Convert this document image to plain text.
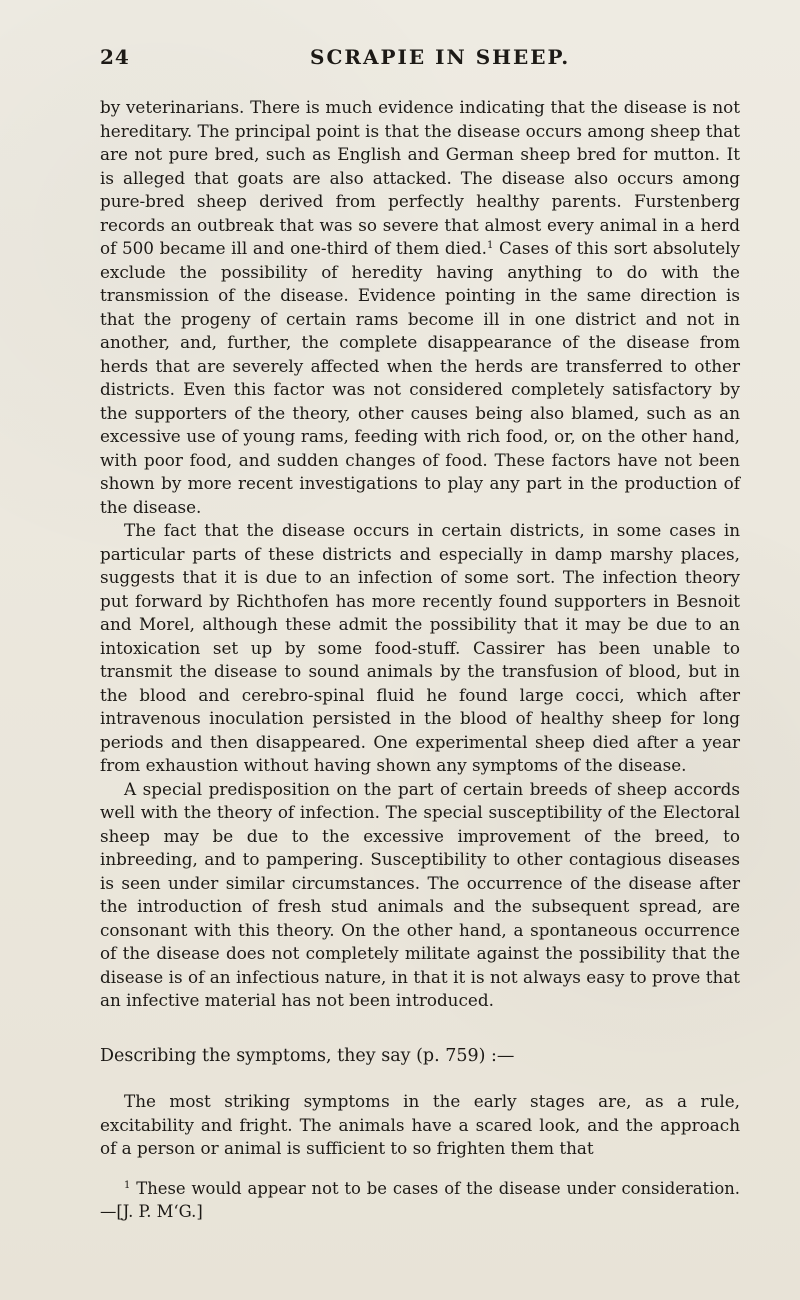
24	SCRAPIE IN SHEEP.

by veterinarians. There is much evidence indicating that the disease is not hereditary. The principal point is that the disease occurs among sheep that are not pure bred, such as English and German sheep bred for mutton. It is alleged that goats are also attacked. The disease also occurs among pure-bred sheep derived from perfectly healthy parents. Furstenberg records an outbreak that was so severe that almost every animal in a herd of 500 became ill and one-third of them died.$^1$ Cases of this sort absolutely exclude the possibility of heredity having anything to do with the transmission of the disease. Evidence pointing in the same direction is that the progeny of certain rams become ill in one district and not in another, and, further, the complete disappearance of the disease from herds that are severely affected when the herds are transferred to other districts. Even this factor was not considered completely satisfactory by the supporters of the theory, other causes being also blamed, such as an excessive use of young rams, feeding with rich food, or, on the other hand, with poor food, and sudden changes of food. These factors have not been shown by more recent investigations to play any part in the production of the disease.

The fact that the disease occurs in certain districts, in some cases in particular parts of these districts and especially in damp marshy places, suggests that it is due to an infection of some sort. The infection theory put forward by Richthofen has more recently found supporters in Besnoit and Morel, although these admit the possibility that it may be due to an intoxication set up by some food-stuff. Cassirer has been unable to transmit the disease to sound animals by the transfusion of blood, but in the blood and cerebro-spinal fluid he found large cocci, which after intravenous inoculation persisted in the blood of healthy sheep for long periods and then disappeared. One experimental sheep died after a year from exhaustion without having shown any symptoms of the disease.

A special predisposition on the part of certain breeds of sheep accords well with the theory of infection. The special susceptibility of the Electoral sheep may be due to the excessive improvement of the breed, to inbreeding, and to pampering. Susceptibility to other contagious diseases is seen under similar circumstances. The occurrence of the disease after the introduction of fresh stud animals and the subsequent spread, are consonant with this theory. On the other hand, a spontaneous occurrence of the disease does not completely militate against the possibility that the disease is of an infectious nature, in that it is not always easy to prove that an infective material has not been introduced.

Describing the symptoms, they say (p. 759) :—

The most striking symptoms in the early stages are, as a rule, excitability and fright. The animals have a scared look, and the approach of a person or animal is sufficient to so frighten them that

$^1$ These would appear not to be cases of the disease under consideration. —[J. P. M‘G.]
